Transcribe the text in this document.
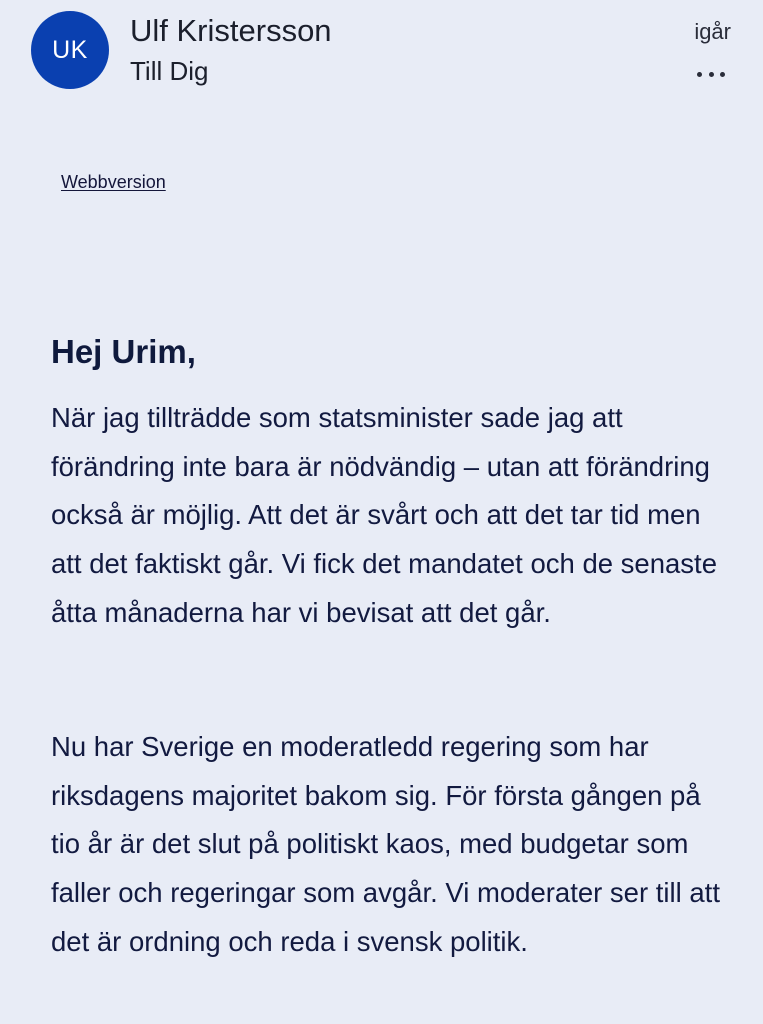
UK
Ulf Kristersson
Till Dig
igår
Webbversion
Hej Urim,

När jag tillträdde som statsminister sade jag att förändring inte bara är nödvändig – utan att förändring också är möjlig. Att det är svårt och att det tar tid men att det faktiskt går. Vi fick det mandatet och de senaste åtta månaderna har vi bevisat att det går.

Nu har Sverige en moderatledd regering som har riksdagens majoritet bakom sig. För första gången på tio år är det slut på politiskt kaos, med budgetar som faller och regeringar som avgår. Vi moderater ser till att det är ordning och reda i svensk politik.
